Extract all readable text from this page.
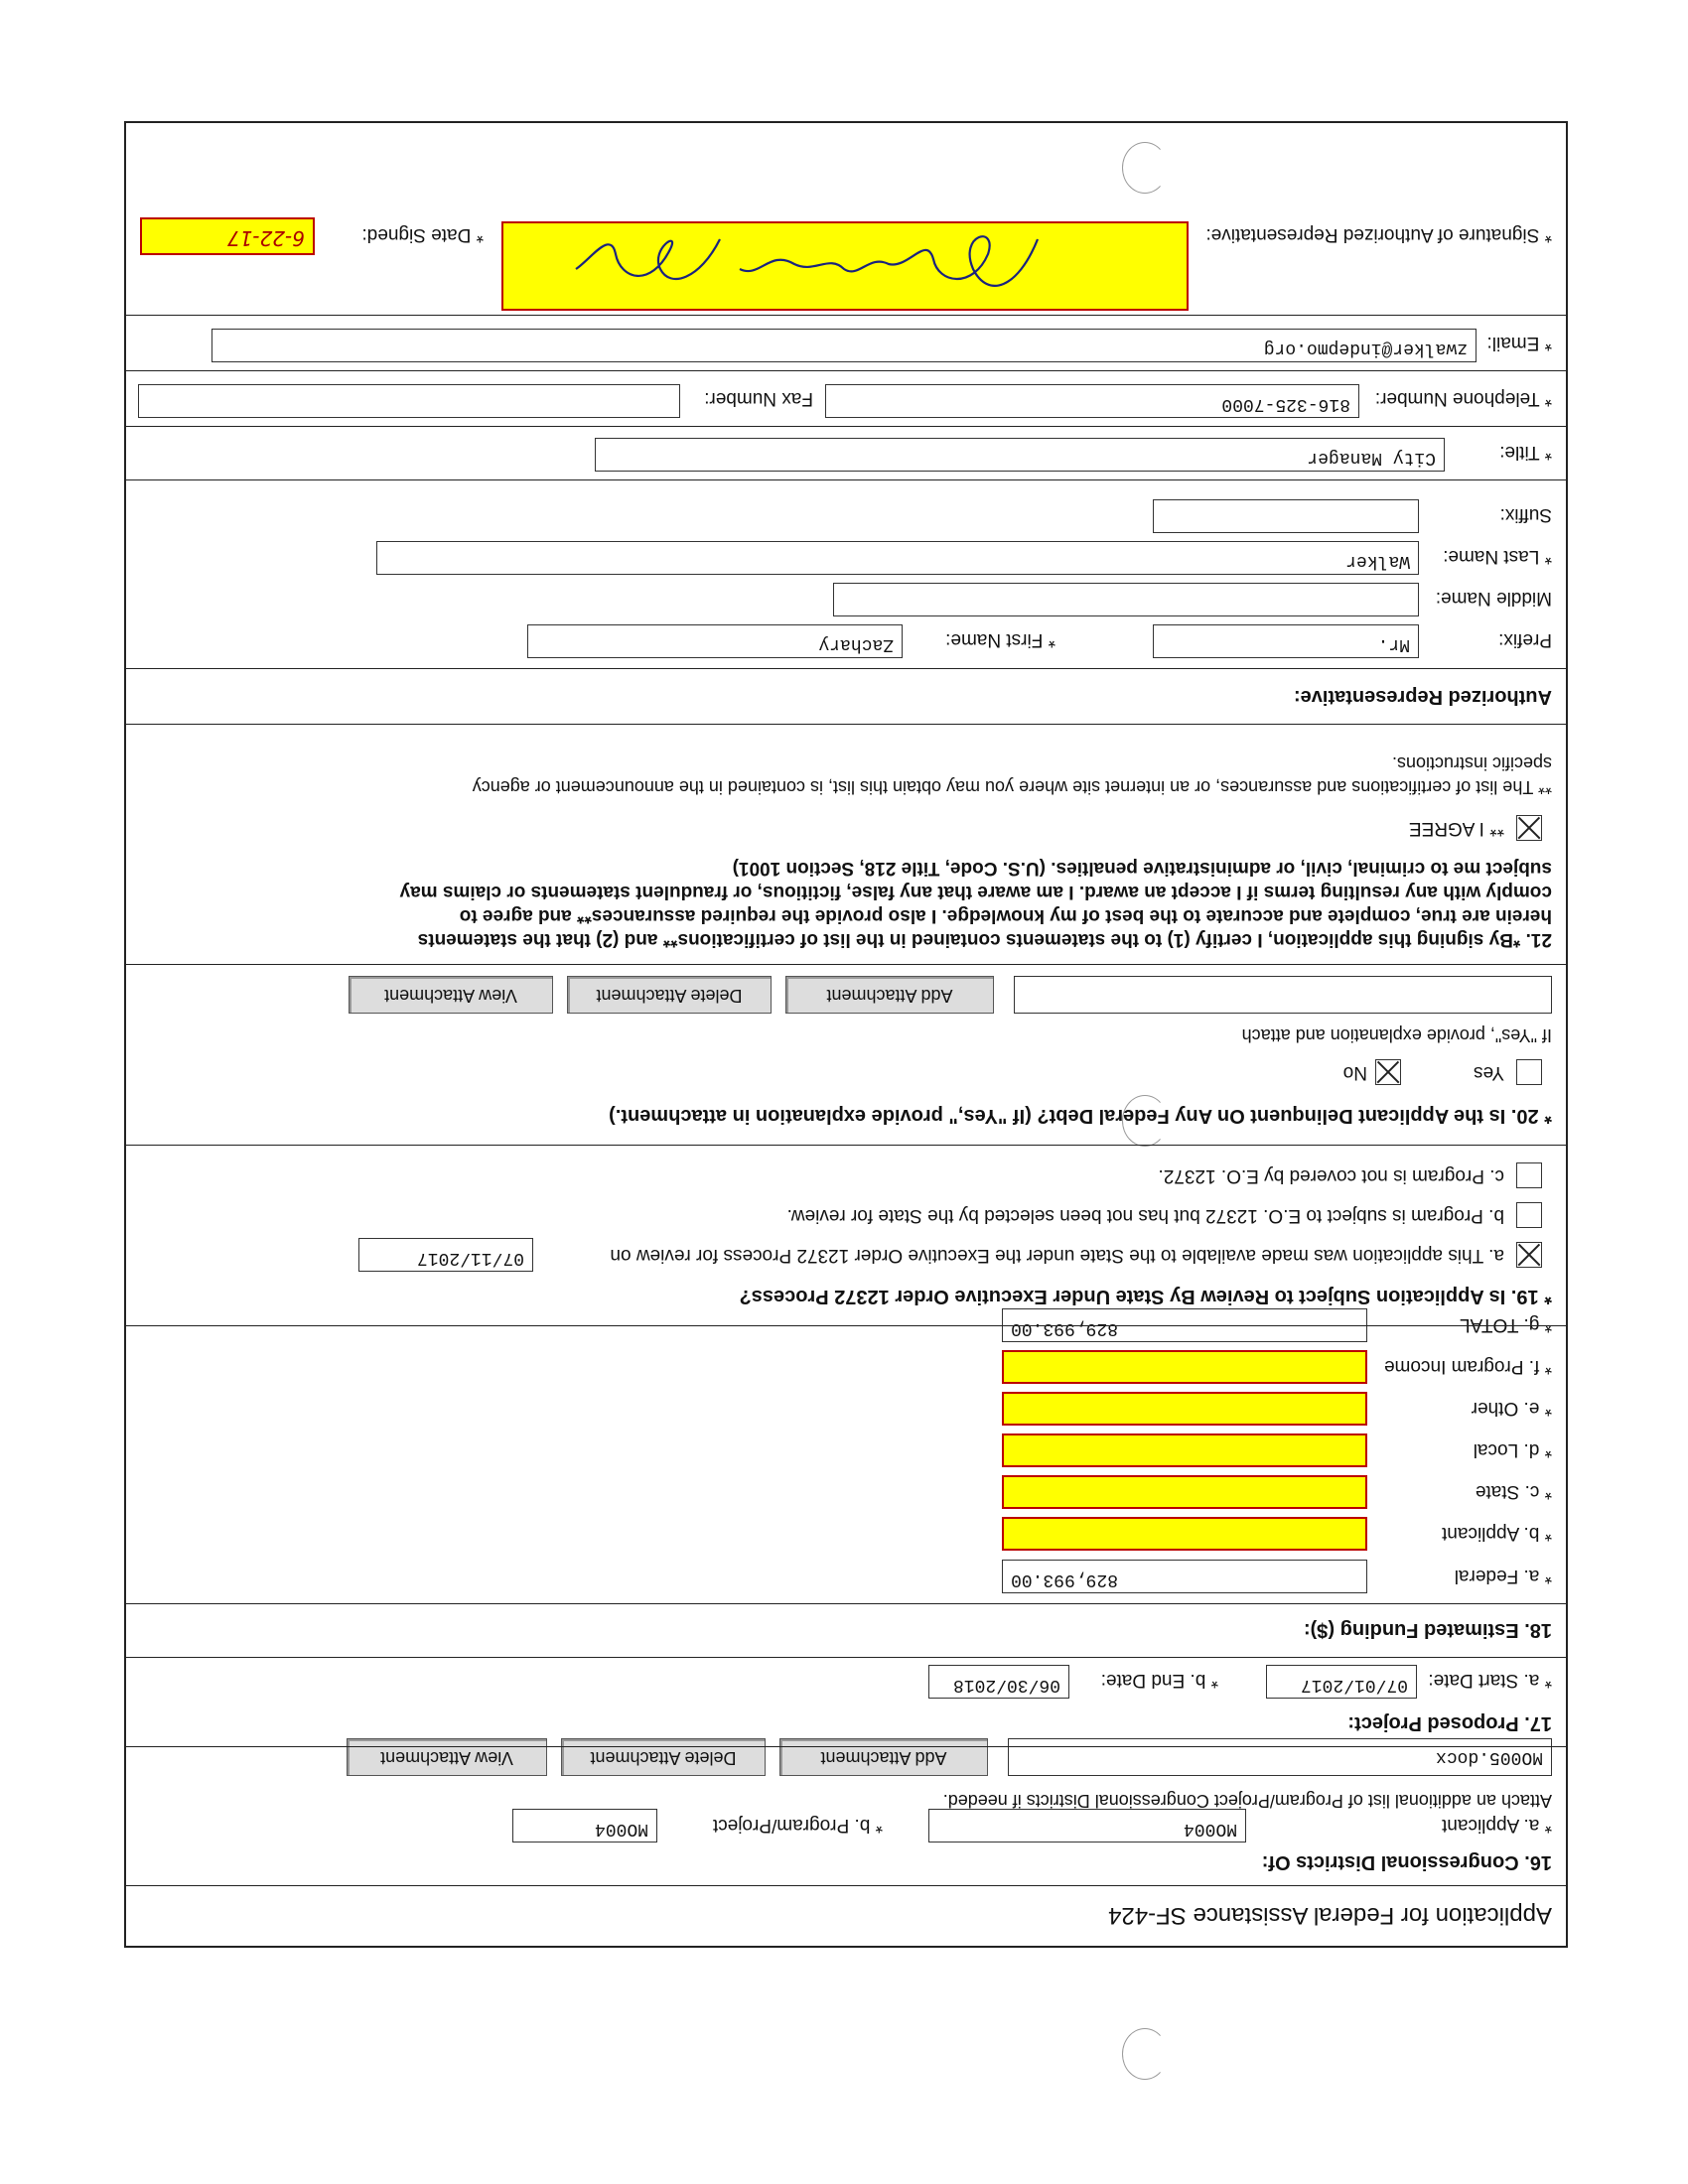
Application for Federal Assistance SF-424
16. Congressional Districts Of:
* a. Applicant
MO004
* b. Program/Project
MO004
Attach an additional list of Program/Project Congressional Districts if needed.
MO005.docx
Add Attachment
Delete Attachment
View Attachment
17. Proposed Project:
* a. Start Date:
07/01/2017
* b. End Date:
06/30/2018
18. Estimated Funding ($):
* a. Federal
829,993.00
* b. Applicant
* c. State
* d. Local
* e. Other
* f. Program Income
* g. TOTAL
829,993.00
* 19. Is Application Subject to Review By State Under Executive Order 12372 Process?
a. This application was made available to the State under the Executive Order 12372 Process for review on
07/11/2017
b. Program is subject to E.O. 12372 but has not been selected by the State for review.
c. Program is not covered by E.O. 12372.
* 20. Is the Applicant Delinquent On Any Federal Debt? (If "Yes," provide explanation in attachment.)
Yes
No
If "Yes", provide explanation and attach
Add Attachment
Delete Attachment
View Attachment
21. *By signing this application, I certify (1) to the statements contained in the list of certifications** and (2) that the statements
herein are true, complete and accurate to the best of my knowledge. I also provide the required assurances** and agree to
comply with any resulting terms if I accept an award. I am aware that any false, fictitious, or fraudulent statements or claims may
subject me to criminal, civil, or administrative penalties. (U.S. Code, Title 218, Section 1001)
** I AGREE
** The list of certifications and assurances, or an internet site where you may obtain this list, is contained in the announcement or agency
specific instructions.
Authorized Representative:
Prefix:
Mr.
* First Name:
Zachary
Middle Name:
* Last Name:
Walker
Suffix:
* Title:
City Manager
* Telephone Number:
816-325-7000
Fax Number:
* Email:
zwalker@indepmo.org
* Signature of Authorized Representative:
* Date Signed:
6-22-17
